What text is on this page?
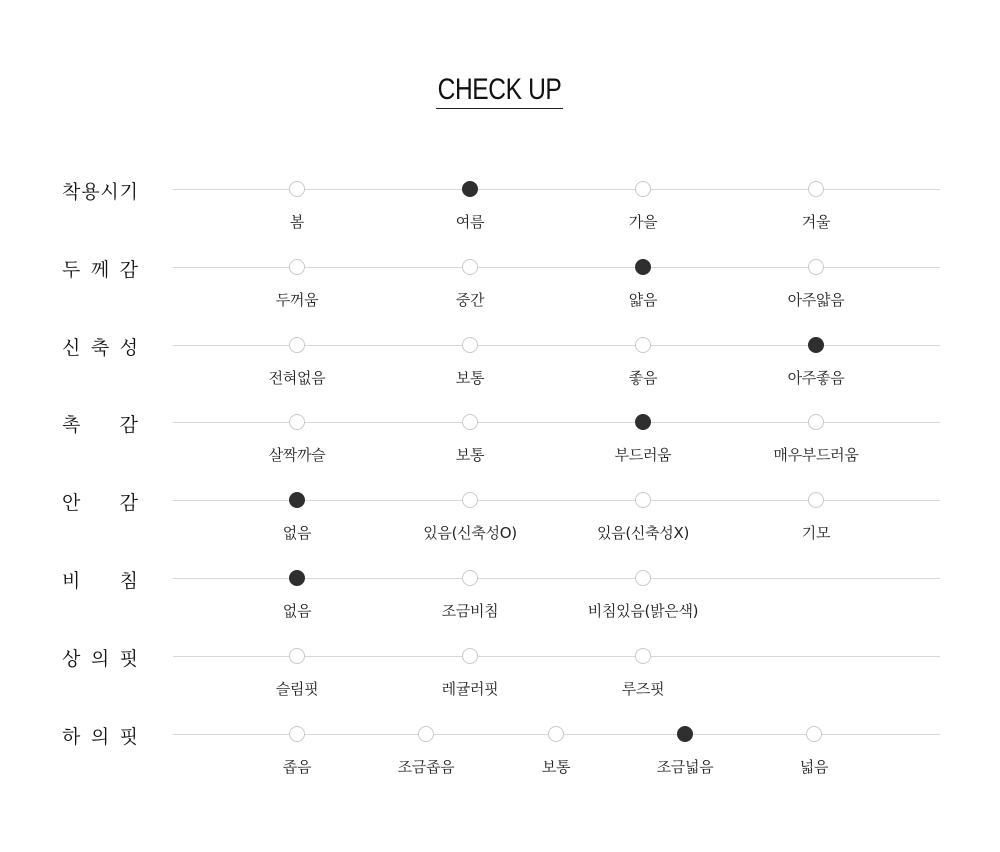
CHECK UP
착 용 시 기
봄	여름	가을	겨울
두 께 감
두꺼움	중간	얇음	아주얇음
신 축 성
전혀없음	보통	좋음	아주좋음
촉 감
살짝까슬	보통	부드러움	매우부드러움
안 감
없음	있음(신축성O)	있음(신축성X)	기모
비 침
없음	조금비침	비침있음(밝은색)
상 의 핏
슬림핏	레귤러핏	루즈핏
하 의 핏
좁음	조금좁음	보통	조금넓음	넓음
